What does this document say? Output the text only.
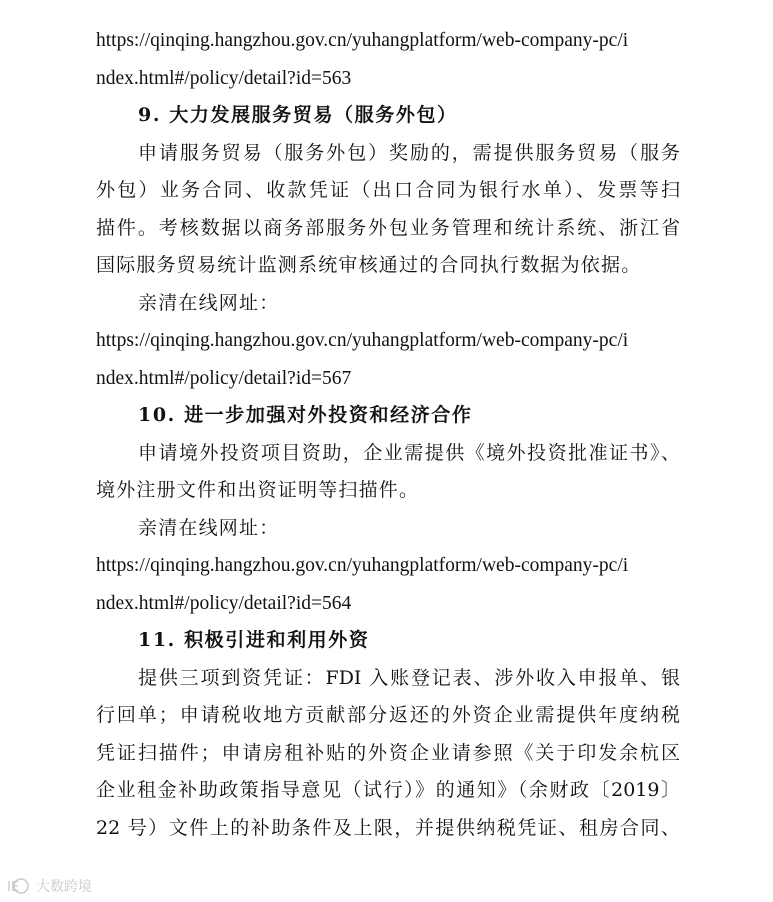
https://qinqing.hangzhou.gov.cn/yuhangplatform/web-company-pc/i
ndex.html#/policy/detail?id=563
9. 大力发展服务贸易（服务外包）
申请服务贸易（服务外包）奖励的，需提供服务贸易（服务
外包）业务合同、收款凭证（出口合同为银行水单）、发票等扫
描件。考核数据以商务部服务外包业务管理和统计系统、浙江省
国际服务贸易统计监测系统审核通过的合同执行数据为依据。
亲清在线网址：
https://qinqing.hangzhou.gov.cn/yuhangplatform/web-company-pc/i
ndex.html#/policy/detail?id=567
10. 进一步加强对外投资和经济合作
申请境外投资项目资助，企业需提供《境外投资批准证书》、
境外注册文件和出资证明等扫描件。
亲清在线网址：
https://qinqing.hangzhou.gov.cn/yuhangplatform/web-company-pc/i
ndex.html#/policy/detail?id=564
11. 积极引进和利用外资
提供三项到资凭证：FDI 入账登记表、涉外收入申报单、银
行回单；申请税收地方贡献部分返还的外资企业需提供年度纳税
凭证扫描件；申请房租补贴的外资企业请参照《关于印发余杭区
企业租金补助政策指导意见（试行）》的通知》（余财政〔2019〕
22 号）文件上的补助条件及上限，并提供纳税凭证、租房合同、
IE 大数跨境
